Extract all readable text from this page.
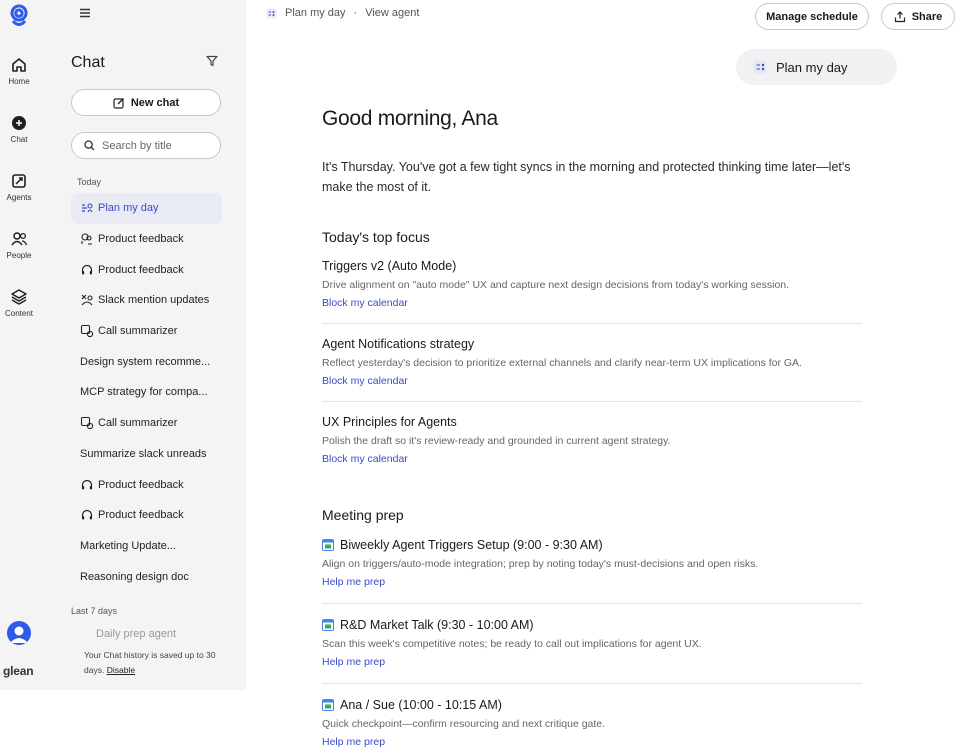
Home
Chat
Agents
People
Content
glean
Chat
New chat
Search by title
Today
Plan my day
Product feedback
Product feedback
Slack mention updates
Call summarizer
Design system recomme...
MCP strategy for compa...
Call summarizer
Summarize slack unreads
Product feedback
Product feedback
Marketing Update...
Reasoning design doc
Last 7 days
Daily prep agent
Your Chat history is saved up to 30 days. Disable
Plan my day · View agent	Manage schedule	Share
Plan my day
Good morning, Ana
It's Thursday. You've got a few tight syncs in the morning and protected thinking time later—let's make the most of it.
Today's top focus
Triggers v2 (Auto Mode)
Drive alignment on "auto mode" UX and capture next design decisions from today's working session.
Block my calendar
Agent Notifications strategy
Reflect yesterday's decision to prioritize external channels and clarify near-term UX implications for GA.
Block my calendar
UX Principles for Agents
Polish the draft so it's review-ready and grounded in current agent strategy.
Block my calendar
Meeting prep
Biweekly Agent Triggers Setup (9:00 - 9:30 AM)
Align on triggers/auto-mode integration; prep by noting today's must-decisions and open risks.
Help me prep
R&D Market Talk (9:30 - 10:00 AM)
Scan this week's competitive notes; be ready to call out implications for agent UX.
Help me prep
Ana / Sue (10:00 - 10:15 AM)
Quick checkpoint—confirm resourcing and next critique gate.
Help me prep
